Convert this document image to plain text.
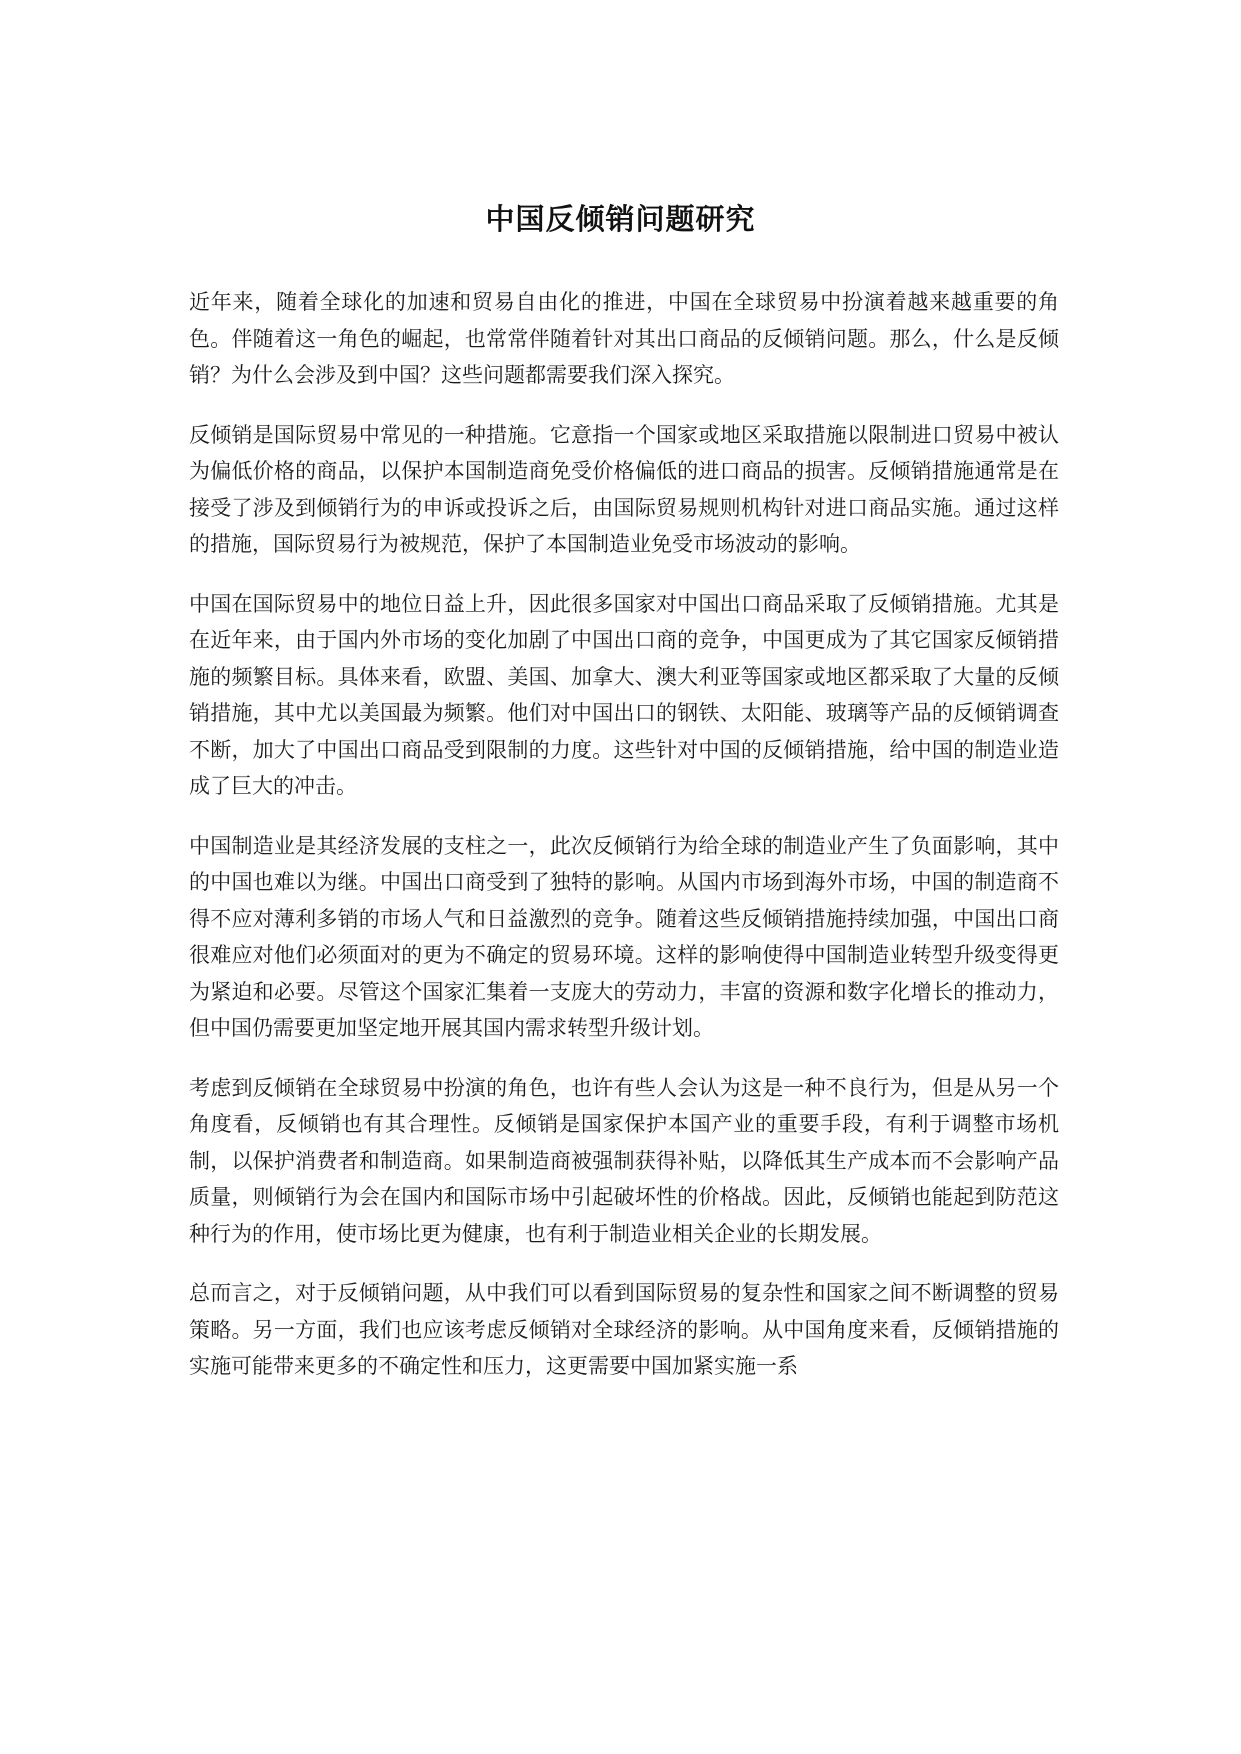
中国反倾销问题研究

近年来，随着全球化的加速和贸易自由化的推进，中国在全球贸易中扮演着越来越重要的角色。伴随着这一角色的崛起，也常常伴随着针对其出口商品的反倾销问题。那么，什么是反倾销？为什么会涉及到中国？这些问题都需要我们深入探究。

反倾销是国际贸易中常见的一种措施。它意指一个国家或地区采取措施以限制进口贸易中被认为偏低价格的商品，以保护本国制造商免受价格偏低的进口商品的损害。反倾销措施通常是在接受了涉及到倾销行为的申诉或投诉之后，由国际贸易规则机构针对进口商品实施。通过这样的措施，国际贸易行为被规范，保护了本国制造业免受市场波动的影响。

中国在国际贸易中的地位日益上升，因此很多国家对中国出口商品采取了反倾销措施。尤其是在近年来，由于国内外市场的变化加剧了中国出口商的竞争，中国更成为了其它国家反倾销措施的频繁目标。具体来看，欧盟、美国、加拿大、澳大利亚等国家或地区都采取了大量的反倾销措施，其中尤以美国最为频繁。他们对中国出口的钢铁、太阳能、玻璃等产品的反倾销调查不断，加大了中国出口商品受到限制的力度。这些针对中国的反倾销措施，给中国的制造业造成了巨大的冲击。

中国制造业是其经济发展的支柱之一，此次反倾销行为给全球的制造业产生了负面影响，其中的中国也难以为继。中国出口商受到了独特的影响。从国内市场到海外市场，中国的制造商不得不应对薄利多销的市场人气和日益激烈的竞争。随着这些反倾销措施持续加强，中国出口商很难应对他们必须面对的更为不确定的贸易环境。这样的影响使得中国制造业转型升级变得更为紧迫和必要。尽管这个国家汇集着一支庞大的劳动力，丰富的资源和数字化增长的推动力，但中国仍需要更加坚定地开展其国内需求转型升级计划。

考虑到反倾销在全球贸易中扮演的角色，也许有些人会认为这是一种不良行为，但是从另一个角度看，反倾销也有其合理性。反倾销是国家保护本国产业的重要手段，有利于调整市场机制，以保护消费者和制造商。如果制造商被强制获得补贴，以降低其生产成本而不会影响产品质量，则倾销行为会在国内和国际市场中引起破坏性的价格战。因此，反倾销也能起到防范这种行为的作用，使市场比更为健康，也有利于制造业相关企业的长期发展。

总而言之，对于反倾销问题，从中我们可以看到国际贸易的复杂性和国家之间不断调整的贸易策略。另一方面，我们也应该考虑反倾销对全球经济的影响。从中国角度来看，反倾销措施的实施可能带来更多的不确定性和压力，这更需要中国加紧实施一系
